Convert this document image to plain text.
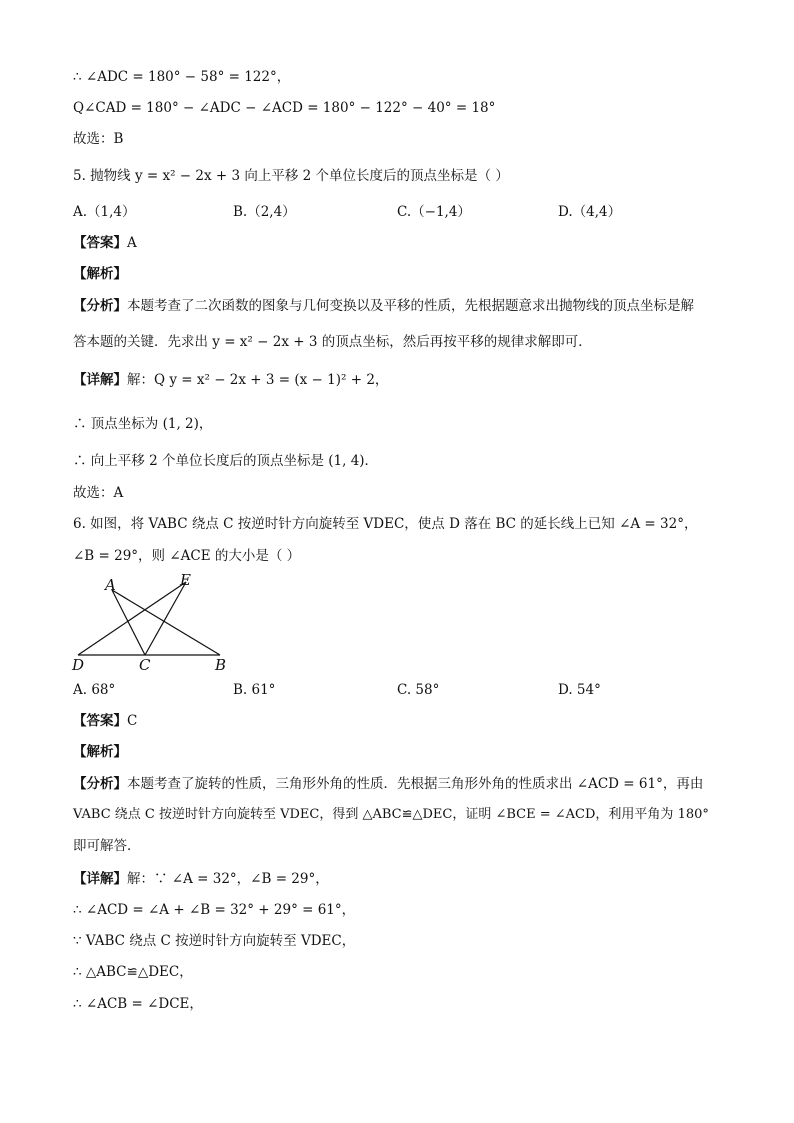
∴ ∠ADC = 180° − 58° = 122°，
Q∠CAD = 180° − ∠ADC − ∠ACD = 180° − 122° − 40° = 18°
故选：B
5. 抛物线 y = x² − 2x + 3 向上平移 2 个单位长度后的顶点坐标是（ ）
A.（1,4）	B.（2,4）	C.（−1,4）	D.（4,4）
【答案】A
【解析】
【分析】本题考查了二次函数的图象与几何变换以及平移的性质，先根据题意求出抛物线的顶点坐标是解
答本题的关键．先求出 y = x² − 2x + 3 的顶点坐标，然后再按平移的规律求解即可．
【详解】解：Q y = x² − 2x + 3 = (x − 1)² + 2，
∴ 顶点坐标为 (1, 2)，
∴ 向上平移 2 个单位长度后的顶点坐标是 (1, 4)．
故选：A
6. 如图，将 VABC 绕点 C 按逆时针方向旋转至 VDEC，使点 D 落在 BC 的延长线上已知 ∠A = 32°，
∠B = 29°，则 ∠ACE 的大小是（ ）
A	E
D	C	B
A. 68°	B. 61°	C. 58°	D. 54°
【答案】C
【解析】
【分析】本题考查了旋转的性质，三角形外角的性质．先根据三角形外角的性质求出 ∠ACD = 61°，再由
VABC 绕点 C 按逆时针方向旋转至 VDEC，得到 △ABC≌△DEC，证明 ∠BCE = ∠ACD，利用平角为 180°
即可解答．
【详解】解：∵ ∠A = 32°，∠B = 29°，
∴ ∠ACD = ∠A + ∠B = 32° + 29° = 61°，
∵ VABC 绕点 C 按逆时针方向旋转至 VDEC，
∴ △ABC≌△DEC，
∴ ∠ACB = ∠DCE，
